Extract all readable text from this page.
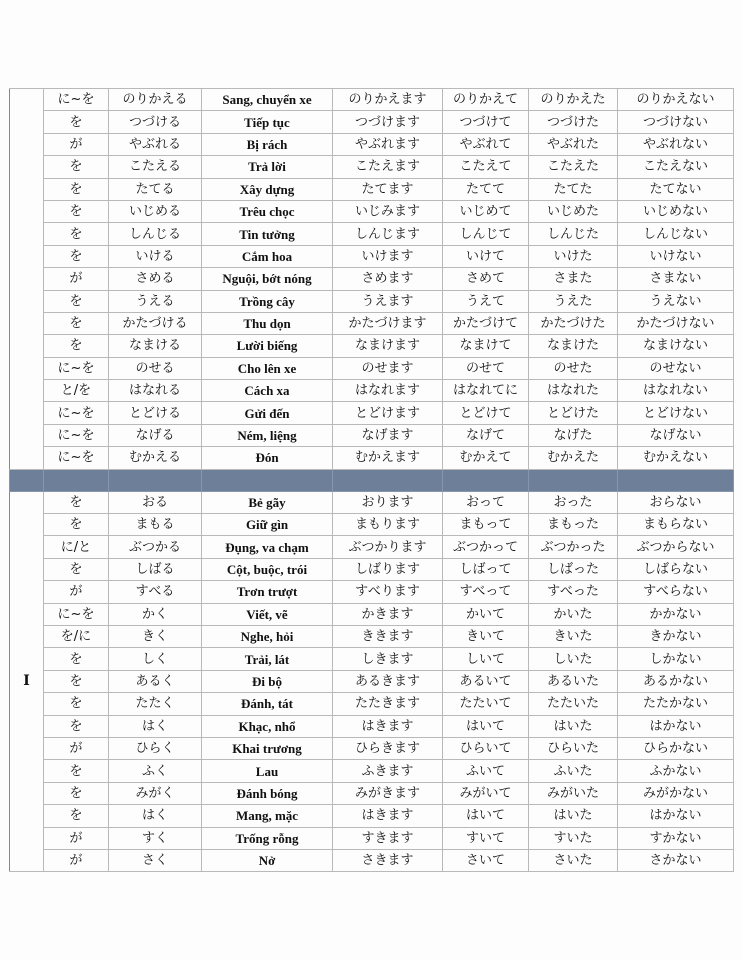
	に~を	のりかえる	Sang, chuyển xe	のりかえます	のりかえて	のりかえた	のりかえない
	を	つづける	Tiếp tục	つづけます	つづけて	つづけた	つづけない
	が	やぶれる	Bị rách	やぶれます	やぶれて	やぶれた	やぶれない
	を	こたえる	Trả lời	こたえます	こたえて	こたえた	こたえない
	を	たてる	Xây dựng	たてます	たてて	たてた	たてない
	を	いじめる	Trêu chọc	いじみます	いじめて	いじめた	いじめない
	を	しんじる	Tin tưởng	しんじます	しんじて	しんじた	しんじない
	を	いける	Cắm hoa	いけます	いけて	いけた	いけない
	が	さめる	Nguội, bớt nóng	さめます	さめて	さまた	さまない
	を	うえる	Trồng cây	うえます	うえて	うえた	うえない
	を	かたづける	Thu dọn	かたづけます	かたづけて	かたづけた	かたづけない
	を	なまける	Lười biếng	なまけます	なまけて	なまけた	なまけない
	に~を	のせる	Cho lên xe	のせます	のせて	のせた	のせない
	と/を	はなれる	Cách xa	はなれます	はなれてに	はなれた	はなれない
	に~を	とどける	Gửi đến	とどけます	とどけて	とどけた	とどけない
	に~を	なげる	Ném, liệng	なげます	なげて	なげた	なげない
	に~を	むかえる	Đón	むかえます	むかえて	むかえた	むかえない

I	を	おる	Bẻ gãy	おります	おって	おった	おらない
	を	まもる	Giữ gìn	まもります	まもって	まもった	まもらない
	に/と	ぶつかる	Đụng, va chạm	ぶつかります	ぶつかって	ぶつかった	ぶつからない
	を	しばる	Cột, buộc, trói	しばります	しばって	しばった	しばらない
	が	すべる	Trơn trượt	すべります	すべって	すべった	すべらない
	に~を	かく	Viết, vẽ	かきます	かいて	かいた	かかない
	を/に	きく	Nghe, hỏi	ききます	きいて	きいた	きかない
	を	しく	Trải, lát	しきます	しいて	しいた	しかない
	を	あるく	Đi bộ	あるきます	あるいて	あるいた	あるかない
	を	たたく	Đánh, tát	たたきます	たたいて	たたいた	たたかない
	を	はく	Khạc, nhổ	はきます	はいて	はいた	はかない
	が	ひらく	Khai trương	ひらきます	ひらいて	ひらいた	ひらかない
	を	ふく	Lau	ふきます	ふいて	ふいた	ふかない
	を	みがく	Đánh bóng	みがきます	みがいて	みがいた	みがかない
	を	はく	Mang, mặc	はきます	はいて	はいた	はかない
	が	すく	Trống rỗng	すきます	すいて	すいた	すかない
	が	さく	Nở	さきます	さいて	さいた	さかない
